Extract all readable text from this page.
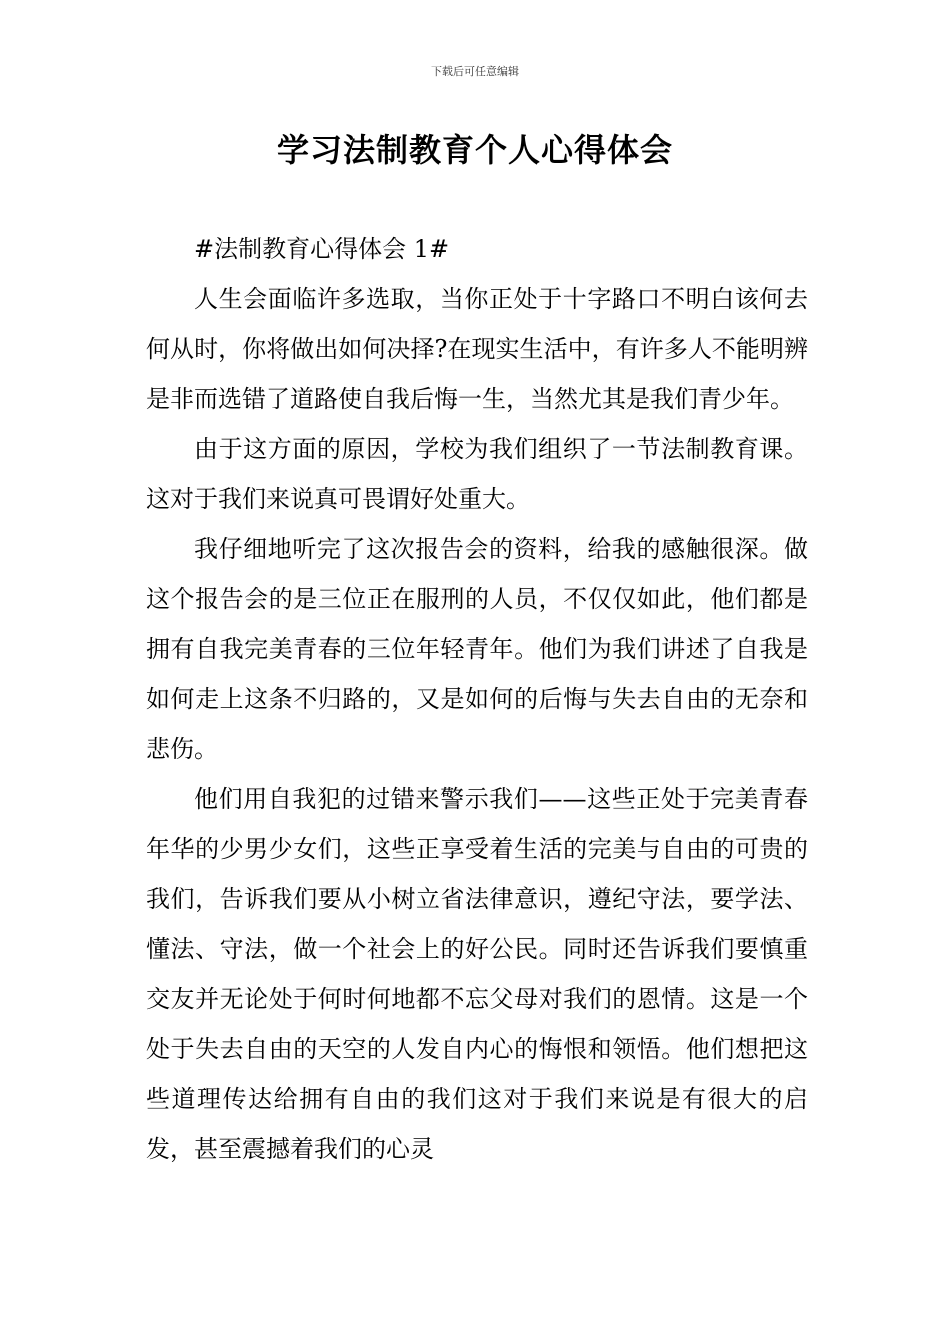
下载后可任意编辑
学习法制教育个人心得体会

#法制教育心得体会 1#

人生会面临许多选取，当你正处于十字路口不明白该何去何从时，你将做出如何决择?在现实生活中，有许多人不能明辨是非而选错了道路使自我后悔一生，当然尤其是我们青少年。

由于这方面的原因，学校为我们组织了一节法制教育课。这对于我们来说真可畏谓好处重大。

我仔细地听完了这次报告会的资料，给我的感触很深。做这个报告会的是三位正在服刑的人员，不仅仅如此，他们都是拥有自我完美青春的三位年轻青年。他们为我们讲述了自我是如何走上这条不归路的，又是如何的后悔与失去自由的无奈和悲伤。

他们用自我犯的过错来警示我们——这些正处于完美青春年华的少男少女们，这些正享受着生活的完美与自由的可贵的我们，告诉我们要从小树立省法律意识，遵纪守法，要学法、懂法、守法，做一个社会上的好公民。同时还告诉我们要慎重交友并无论处于何时何地都不忘父母对我们的恩情。这是一个处于失去自由的天空的人发自内心的悔恨和领悟。他们想把这些道理传达给拥有自由的我们这对于我们来说是有很大的启发，甚至震撼着我们的心灵
